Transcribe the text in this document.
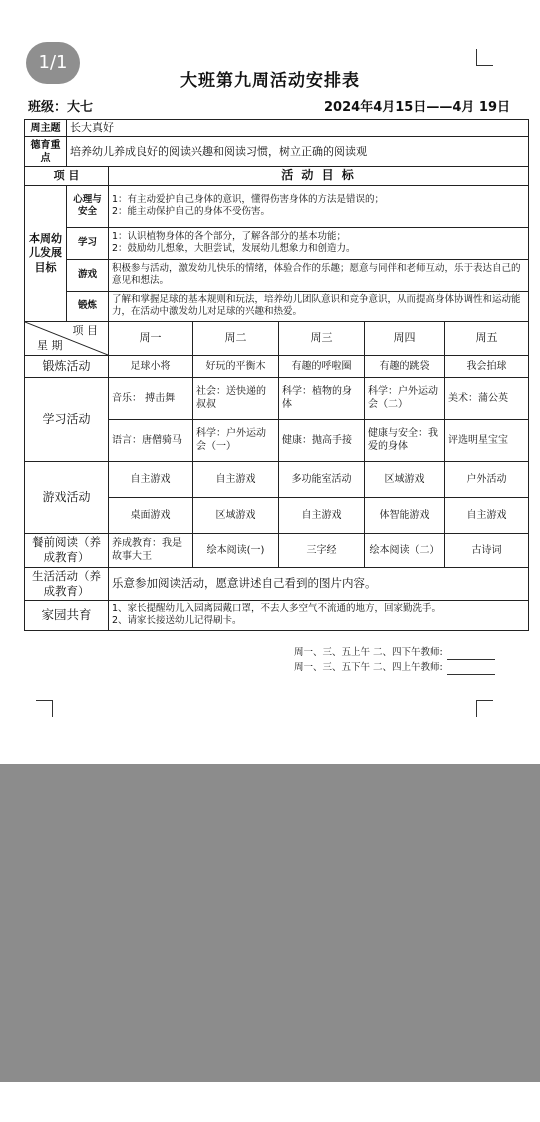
大班第九周活动安排表
班级：大七	2024年4月15日——4月 19日
周主题	长大真好					
德育重点	培养幼儿养成良好的阅读兴趣和阅读习惯，树立正确的阅读观					
项 目		活 动 目 标				
本周幼儿发展目标	心理与安全	1：有主动爱护自己身体的意识，懂得伤害身体的方法是错误的；
2：能主动保护自己的身体不受伤害。				

	学习	1：认识植物身体的各个部分，了解各部分的基本功能；
2：鼓励幼儿想象，大胆尝试，发展幼儿想象力和创造力。				

	游戏	积极参与活动，激发幼儿快乐的情绪，体验合作的乐趣；愿意与同伴和老师互动，乐于表达自己的意见和想法。				
	锻炼	了解和掌握足球的基本规则和玩法，培养幼儿团队意识和竞争意识，从而提高身体协调性和运动能力，在活动中激发幼儿对足球的兴趣和热爱。				

项 目
星 期		周一	周二	周三	周四	周五
锻炼活动		足球小将	好玩的平衡木	有趣的呼啦圈	有趣的跳袋	我会拍球
学习活动		音乐： 搏击舞	社会：送快递的叔叔	科学：植物的身体	科学：户外运动会（二）	美术：蒲公英
		语言：唐僧骑马	科学：户外运动会（一）	健康：抛高手接	健康与安全：我爱的身体	评选明星宝宝
游戏活动		自主游戏	自主游戏	多功能室活动	区域游戏	户外活动
		桌面游戏	区域游戏	自主游戏	体智能游戏	自主游戏
餐前阅读（养成教育）		养成教育：我是故事大王	绘本阅读(一)	三字经	绘本阅读（二）	古诗词
生活活动（养成教育）		乐意参加阅读活动，愿意讲述自己看到的图片内容。				
家园共育		1、家长提醒幼儿入园离园戴口罩，不去人多空气不流通的地方，回家勤洗手。
2、请家长接送幼儿记得刷卡。				
周一、三、五上午 二、四下午教师:
周一、三、五下午 二、四上午教师:
1/1
